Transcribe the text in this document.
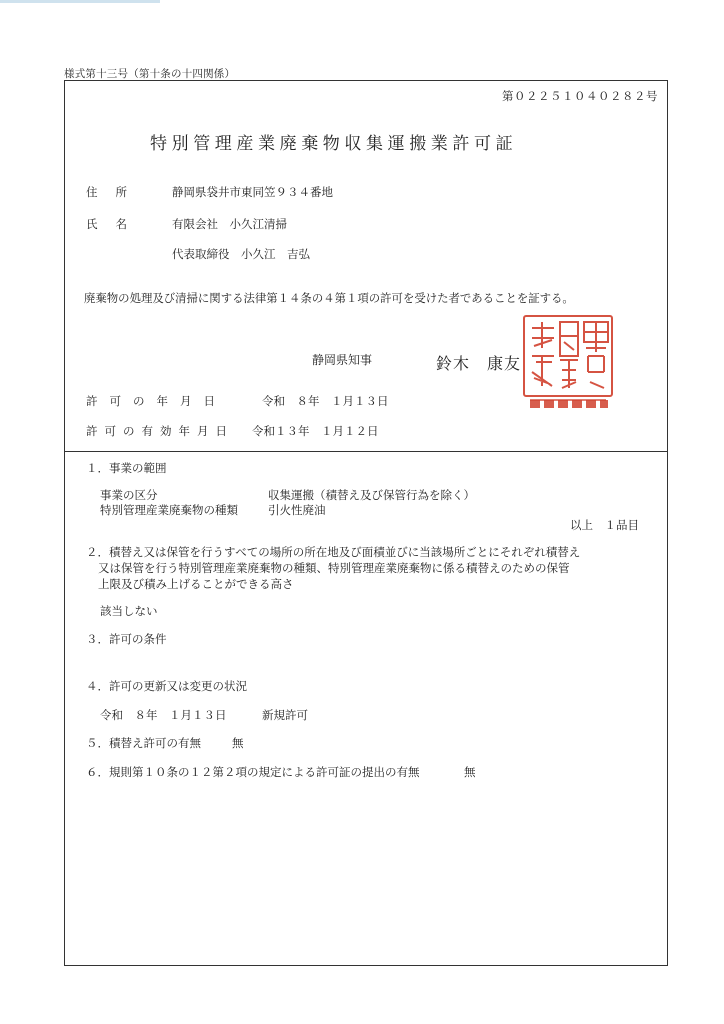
様式第十三号（第十条の十四関係）
第０２２５１０４０２８２号
特別管理産業廃棄物収集運搬業許可証
住所 静岡県袋井市東同笠９３４番地
氏名 有限会社　小久江清掃
代表取締役　小久江　吉弘
廃棄物の処理及び清掃に関する法律第１４条の４第１項の許可を受けた者であることを証する。
静岡県知事	鈴木　康友
許可の年月日	令和　８年　１月１３日
許可の有効年月日 令和１３年　１月１２日
１．事業の範囲
事業の区分	収集運搬（積替え及び保管行為を除く）
特別管理産業廃棄物の種類	引火性廃油
以上　１品目
２．積替え又は保管を行うすべての場所の所在地及び面積並びに当該場所ごとにそれぞれ積替え
又は保管を行う特別管理産業廃棄物の種類、特別管理産業廃棄物に係る積替えのための保管
上限及び積み上げることができる高さ
該当しない
３．許可の条件
４．許可の更新又は変更の状況
令和　８年　１月１３日	新規許可
５．積替え許可の有無	無
６．規則第１０条の１２第２項の規定による許可証の提出の有無	無
